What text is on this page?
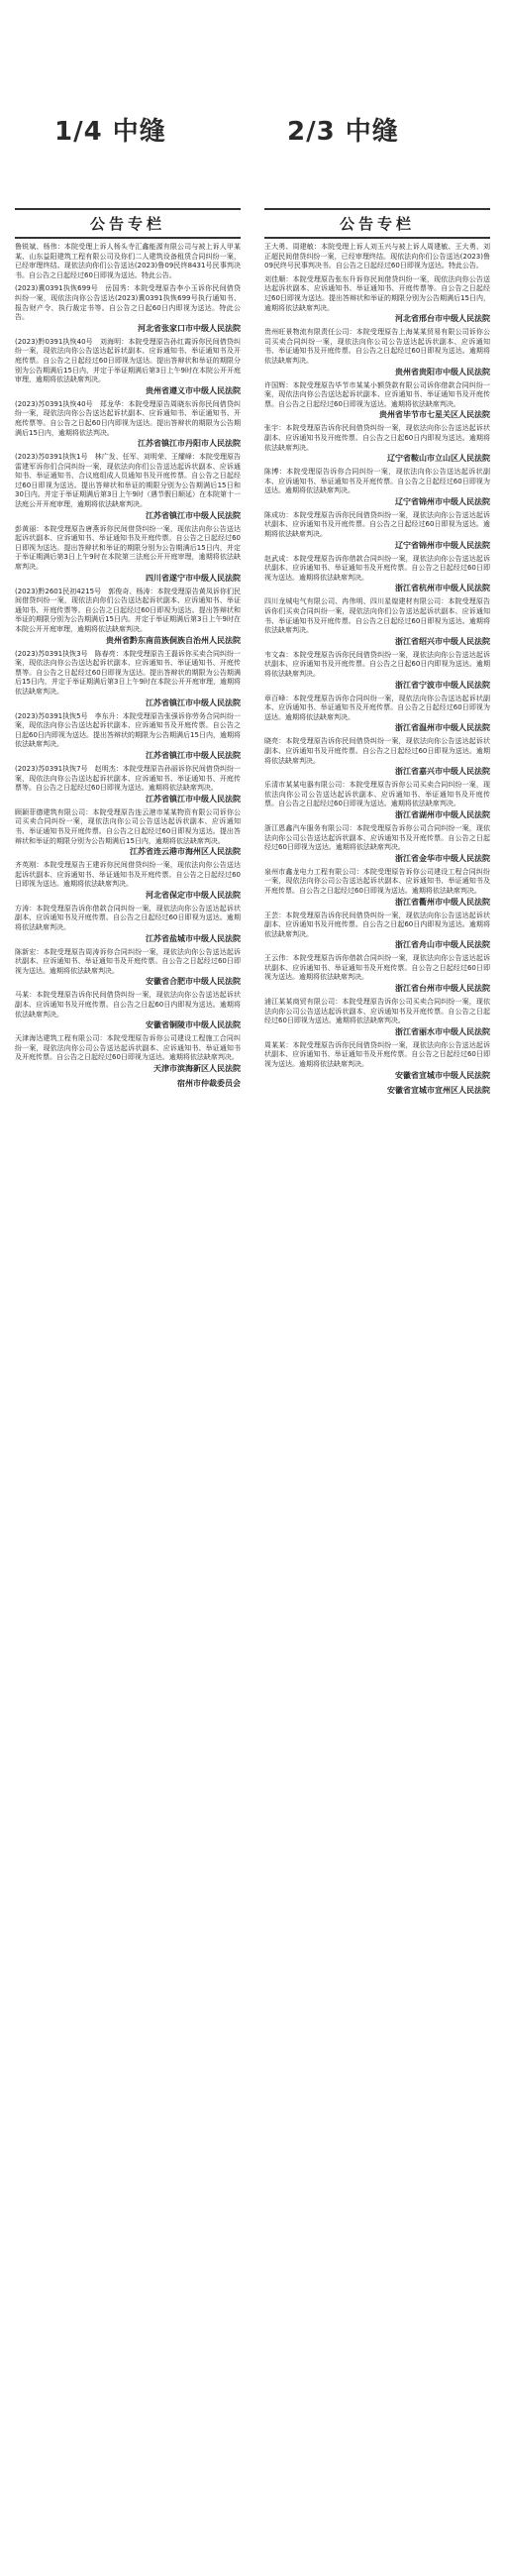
1/4 中缝	2/3 中缝
公告专栏

鲁锐斌、杨伟：本院受理上诉人杨头寺汇鑫能源有限公司与被上诉人甲某某、山东益阳建筑工程有限公司及你们二人建筑设备租赁合同纠纷一案，已经审理终结。现依法向你们公告送达(2023)鲁09民终8431号民事判决书。自公告之日起经过60日即视为送达。特此公告。

(2023)冀0391执恢699号　岳国秀：本院受理原告李小玉诉你民间借贷纠纷一案，现依法向你公告送达(2023)冀0391执恢699号执行通知书、报告财产令、执行裁定书等。自公告之日起60日内即视为送达。特此公告。

河北省张家口市中级人民法院

(2023)黔0391执恢40号　刘海明：本院受理原告孙红霞诉你民间借贷纠纷一案，现依法向你公告送达起诉状副本、应诉通知书、举证通知书及开庭传票。自公告之日起经过60日即视为送达。提出答辩状和举证的期限分别为公告期满后15日内，并定于举证期满后第3日上午9时在本院公开开庭审理，逾期将依法缺席判决。

贵州省遵义市中级人民法院

(2023)苏0391执恢40号　郑龙华：本院受理原告周晓东诉你民间借贷纠纷一案，现依法向你公告送达起诉状副本、应诉通知书、举证通知书、开庭传票等。自公告之日起60日内即视为送达。提出答辩状的期限为公告期满后15日内，逾期将依法判决。

江苏省镇江市丹阳市人民法院

(2023)苏0391执恢1号　林广发、任军、刘明荣、王耀峰：本院受理原告雷建军诉你们合同纠纷一案，现依法向你们公告送达起诉状副本、应诉通知书、举证通知书、合议庭组成人员通知书及开庭传票。自公告之日起经过60日即视为送达。提出答辩状和举证的期限分别为公告期满后15日和30日内。并定于举证期满后第3日上午9时（遇节假日顺延）在本院第十一法庭公开开庭审理，逾期将依法缺席判决。

江苏省镇江市中级人民法院

彭黄丽：本院受理原告唐燕诉你民间借贷纠纷一案，现依法向你公告送达起诉状副本、应诉通知书、举证通知书及开庭传票。自公告之日起经过60日即视为送达。提出答辩状和举证的期限分别为公告期满后15日内，并定于举证期满后第3日上午9时在本院第三法庭公开开庭审理，逾期将依法缺席判决。

四川省遂宁市中级人民法院

(2023)黔2601民初4215号　郭俊奇、杨涛：本院受理原告黄凤诉你们民间借贷纠纷一案，现依法向你们公告送达起诉状副本、应诉通知书、举证通知书、开庭传票等。自公告之日起经过60日即视为送达。提出答辩状和举证的期限分别为公告期满后15日内。并定于举证期满后第3日上午9时在本院公开开庭审理，逾期将依法缺席判决。

贵州省黔东南苗族侗族自治州人民法院

(2023)苏0391执恢3号　陈春亮：本院受理原告王磊诉你买卖合同纠纷一案，现依法向你公告送达起诉状副本、应诉通知书、举证通知书、开庭传票等。自公告之日起经过60日即视为送达。提出答辩状的期限为公告期满后15日内，并定于举证期满后第3日上午9时在本院公开开庭审理，逾期将依法缺席判决。

江苏省镇江市中级人民法院

(2023)苏0391执恢5号　李东升：本院受理原告张强诉你劳务合同纠纷一案，现依法向你公告送达起诉状副本、应诉通知书及开庭传票。自公告之日起60日内即视为送达。提出答辩状的期限为公告期满后15日内，逾期将依法缺席判决。

江苏省镇江市中级人民法院

(2023)苏0391执恢7号　赵明杰：本院受理原告孙丽诉你民间借贷纠纷一案，现依法向你公告送达起诉状副本、应诉通知书、举证通知书、开庭传票等。自公告之日起经过60日即视为送达。逾期将依法缺席判决。

江苏省镇江市中级人民法院

顾颖菲德建筑有限公司：本院受理原告连云港市某某物资有限公司诉你公司买卖合同纠纷一案，现依法向你公司公告送达起诉状副本、应诉通知书、举证通知书及开庭传票。自公告之日起经过60日即视为送达。提出答辩状和举证的期限分别为公告期满后15日内，逾期将依法缺席判决。

江苏省连云港市海州区人民法院

齐英刚：本院受理原告王建诉你民间借贷纠纷一案，现依法向你公告送达起诉状副本、应诉通知书、举证通知书及开庭传票。自公告之日起经过60日即视为送达。逾期将依法缺席判决。

河北省保定市中级人民法院

方涛：本院受理原告诉你借款合同纠纷一案，现依法向你公告送达起诉状副本、应诉通知书及开庭传票。自公告之日起经过60日即视为送达。逾期将依法缺席判决。

江苏省盐城市中级人民法院

陈新宏：本院受理原告周涛诉你合同纠纷一案，现依法向你公告送达起诉状副本、应诉通知书、举证通知书及开庭传票。自公告之日起经过60日即视为送达。逾期将依法缺席判决。

安徽省合肥市中级人民法院

马某：本院受理原告诉你民间借贷纠纷一案，现依法向你公告送达起诉状副本、应诉通知书及开庭传票。自公告之日起60日内即视为送达。逾期将依法缺席判决。

安徽省铜陵市中级人民法院

天津海达建筑工程有限公司：本院受理原告诉你公司建设工程施工合同纠纷一案，现依法向你公司公告送达起诉状副本、应诉通知书、举证通知书及开庭传票。自公告之日起经过60日即视为送达。逾期将依法缺席判决。

天津市滨海新区人民法院

宿州市仲裁委员会
公告专栏

王大勇、周建敏：本院受理上诉人刘玉兴与被上诉人周建敏、王大勇、刘正超民间借贷纠纷一案，已经审理终结。现依法向你们公告送达(2023)鲁09民终号民事判决书。自公告之日起经过60日即视为送达。特此公告。

刘佳顺：本院受理原告张东升诉你民间借贷纠纷一案，现依法向你公告送达起诉状副本、应诉通知书、举证通知书、开庭传票等。自公告之日起经过60日即视为送达。提出答辩状和举证的期限分别为公告期满后15日内，逾期将依法缺席判决。

河北省邢台市中级人民法院

贵州旺景物流有限责任公司：本院受理原告上海某某贸易有限公司诉你公司买卖合同纠纷一案，现依法向你公司公告送达起诉状副本、应诉通知书、举证通知书及开庭传票。自公告之日起经过60日即视为送达。逾期将依法缺席判决。

贵州省贵阳市中级人民法院

许国辉：本院受理原告毕节市某某小额贷款有限公司诉你借款合同纠纷一案，现依法向你公告送达起诉状副本、应诉通知书、举证通知书及开庭传票。自公告之日起经过60日即视为送达。逾期将依法缺席判决。

贵州省毕节市七星关区人民法院

张宇：本院受理原告诉你民间借贷纠纷一案，现依法向你公告送达起诉状副本、应诉通知书及开庭传票。自公告之日起60日内即视为送达。逾期将依法缺席判决。

辽宁省鞍山市立山区人民法院

陈博：本院受理原告诉你合同纠纷一案，现依法向你公告送达起诉状副本、应诉通知书、举证通知书及开庭传票。自公告之日起经过60日即视为送达。逾期将依法缺席判决。

辽宁省锦州市中级人民法院

陈成功：本院受理原告诉你民间借贷纠纷一案，现依法向你公告送达起诉状副本、应诉通知书及开庭传票。自公告之日起经过60日即视为送达。逾期将依法缺席判决。

辽宁省锦州市中级人民法院

赵武成：本院受理原告诉你借款合同纠纷一案，现依法向你公告送达起诉状副本、应诉通知书、举证通知书及开庭传票。自公告之日起经过60日即视为送达。逾期将依法缺席判决。

浙江省杭州市中级人民法院

四川龙城电气有限公司、冉伟明、四川星煌建材有限公司：本院受理原告诉你们买卖合同纠纷一案，现依法向你们公告送达起诉状副本、应诉通知书、举证通知书及开庭传票。自公告之日起经过60日即视为送达。逾期将依法缺席判决。

浙江省绍兴市中级人民法院

韦文森：本院受理原告诉你民间借贷纠纷一案，现依法向你公告送达起诉状副本、应诉通知书及开庭传票。自公告之日起60日内即视为送达。逾期将依法缺席判决。

浙江省宁波市中级人民法院

章百峰：本院受理原告诉你合同纠纷一案，现依法向你公告送达起诉状副本、应诉通知书、举证通知书及开庭传票。自公告之日起经过60日即视为送达。逾期将依法缺席判决。

浙江省温州市中级人民法院

晓亮：本院受理原告诉你民间借贷纠纷一案，现依法向你公告送达起诉状副本、应诉通知书及开庭传票。自公告之日起经过60日即视为送达。逾期将依法缺席判决。

浙江省嘉兴市中级人民法院

乐清市某某电器有限公司：本院受理原告诉你公司买卖合同纠纷一案，现依法向你公司公告送达起诉状副本、应诉通知书、举证通知书及开庭传票。自公告之日起经过60日即视为送达。逾期将依法缺席判决。

浙江省湖州市中级人民法院

浙江恩鑫汽车服务有限公司：本院受理原告诉你公司合同纠纷一案，现依法向你公司公告送达起诉状副本、应诉通知书及开庭传票。自公告之日起经过60日即视为送达。逾期将依法缺席判决。

浙江省金华市中级人民法院

泉州市鑫龙电力工程有限公司：本院受理原告诉你公司建设工程合同纠纷一案，现依法向你公司公告送达起诉状副本、应诉通知书、举证通知书及开庭传票。自公告之日起经过60日即视为送达。逾期将依法缺席判决。

浙江省衢州市中级人民法院

王芸：本院受理原告诉你民间借贷纠纷一案，现依法向你公告送达起诉状副本、应诉通知书及开庭传票。自公告之日起60日内即视为送达。逾期将依法缺席判决。

浙江省舟山市中级人民法院

王云伟：本院受理原告诉你借款合同纠纷一案，现依法向你公告送达起诉状副本、应诉通知书、举证通知书及开庭传票。自公告之日起经过60日即视为送达。逾期将依法缺席判决。

浙江省台州市中级人民法院

浦江某某商贸有限公司：本院受理原告诉你公司买卖合同纠纷一案，现依法向你公司公告送达起诉状副本、应诉通知书及开庭传票。自公告之日起经过60日即视为送达。逾期将依法缺席判决。

浙江省丽水市中级人民法院

周某某：本院受理原告诉你民间借贷纠纷一案，现依法向你公告送达起诉状副本、应诉通知书、举证通知书及开庭传票。自公告之日起经过60日即视为送达。逾期将依法缺席判决。

安徽省宣城市中级人民法院

安徽省宣城市宣州区人民法院
